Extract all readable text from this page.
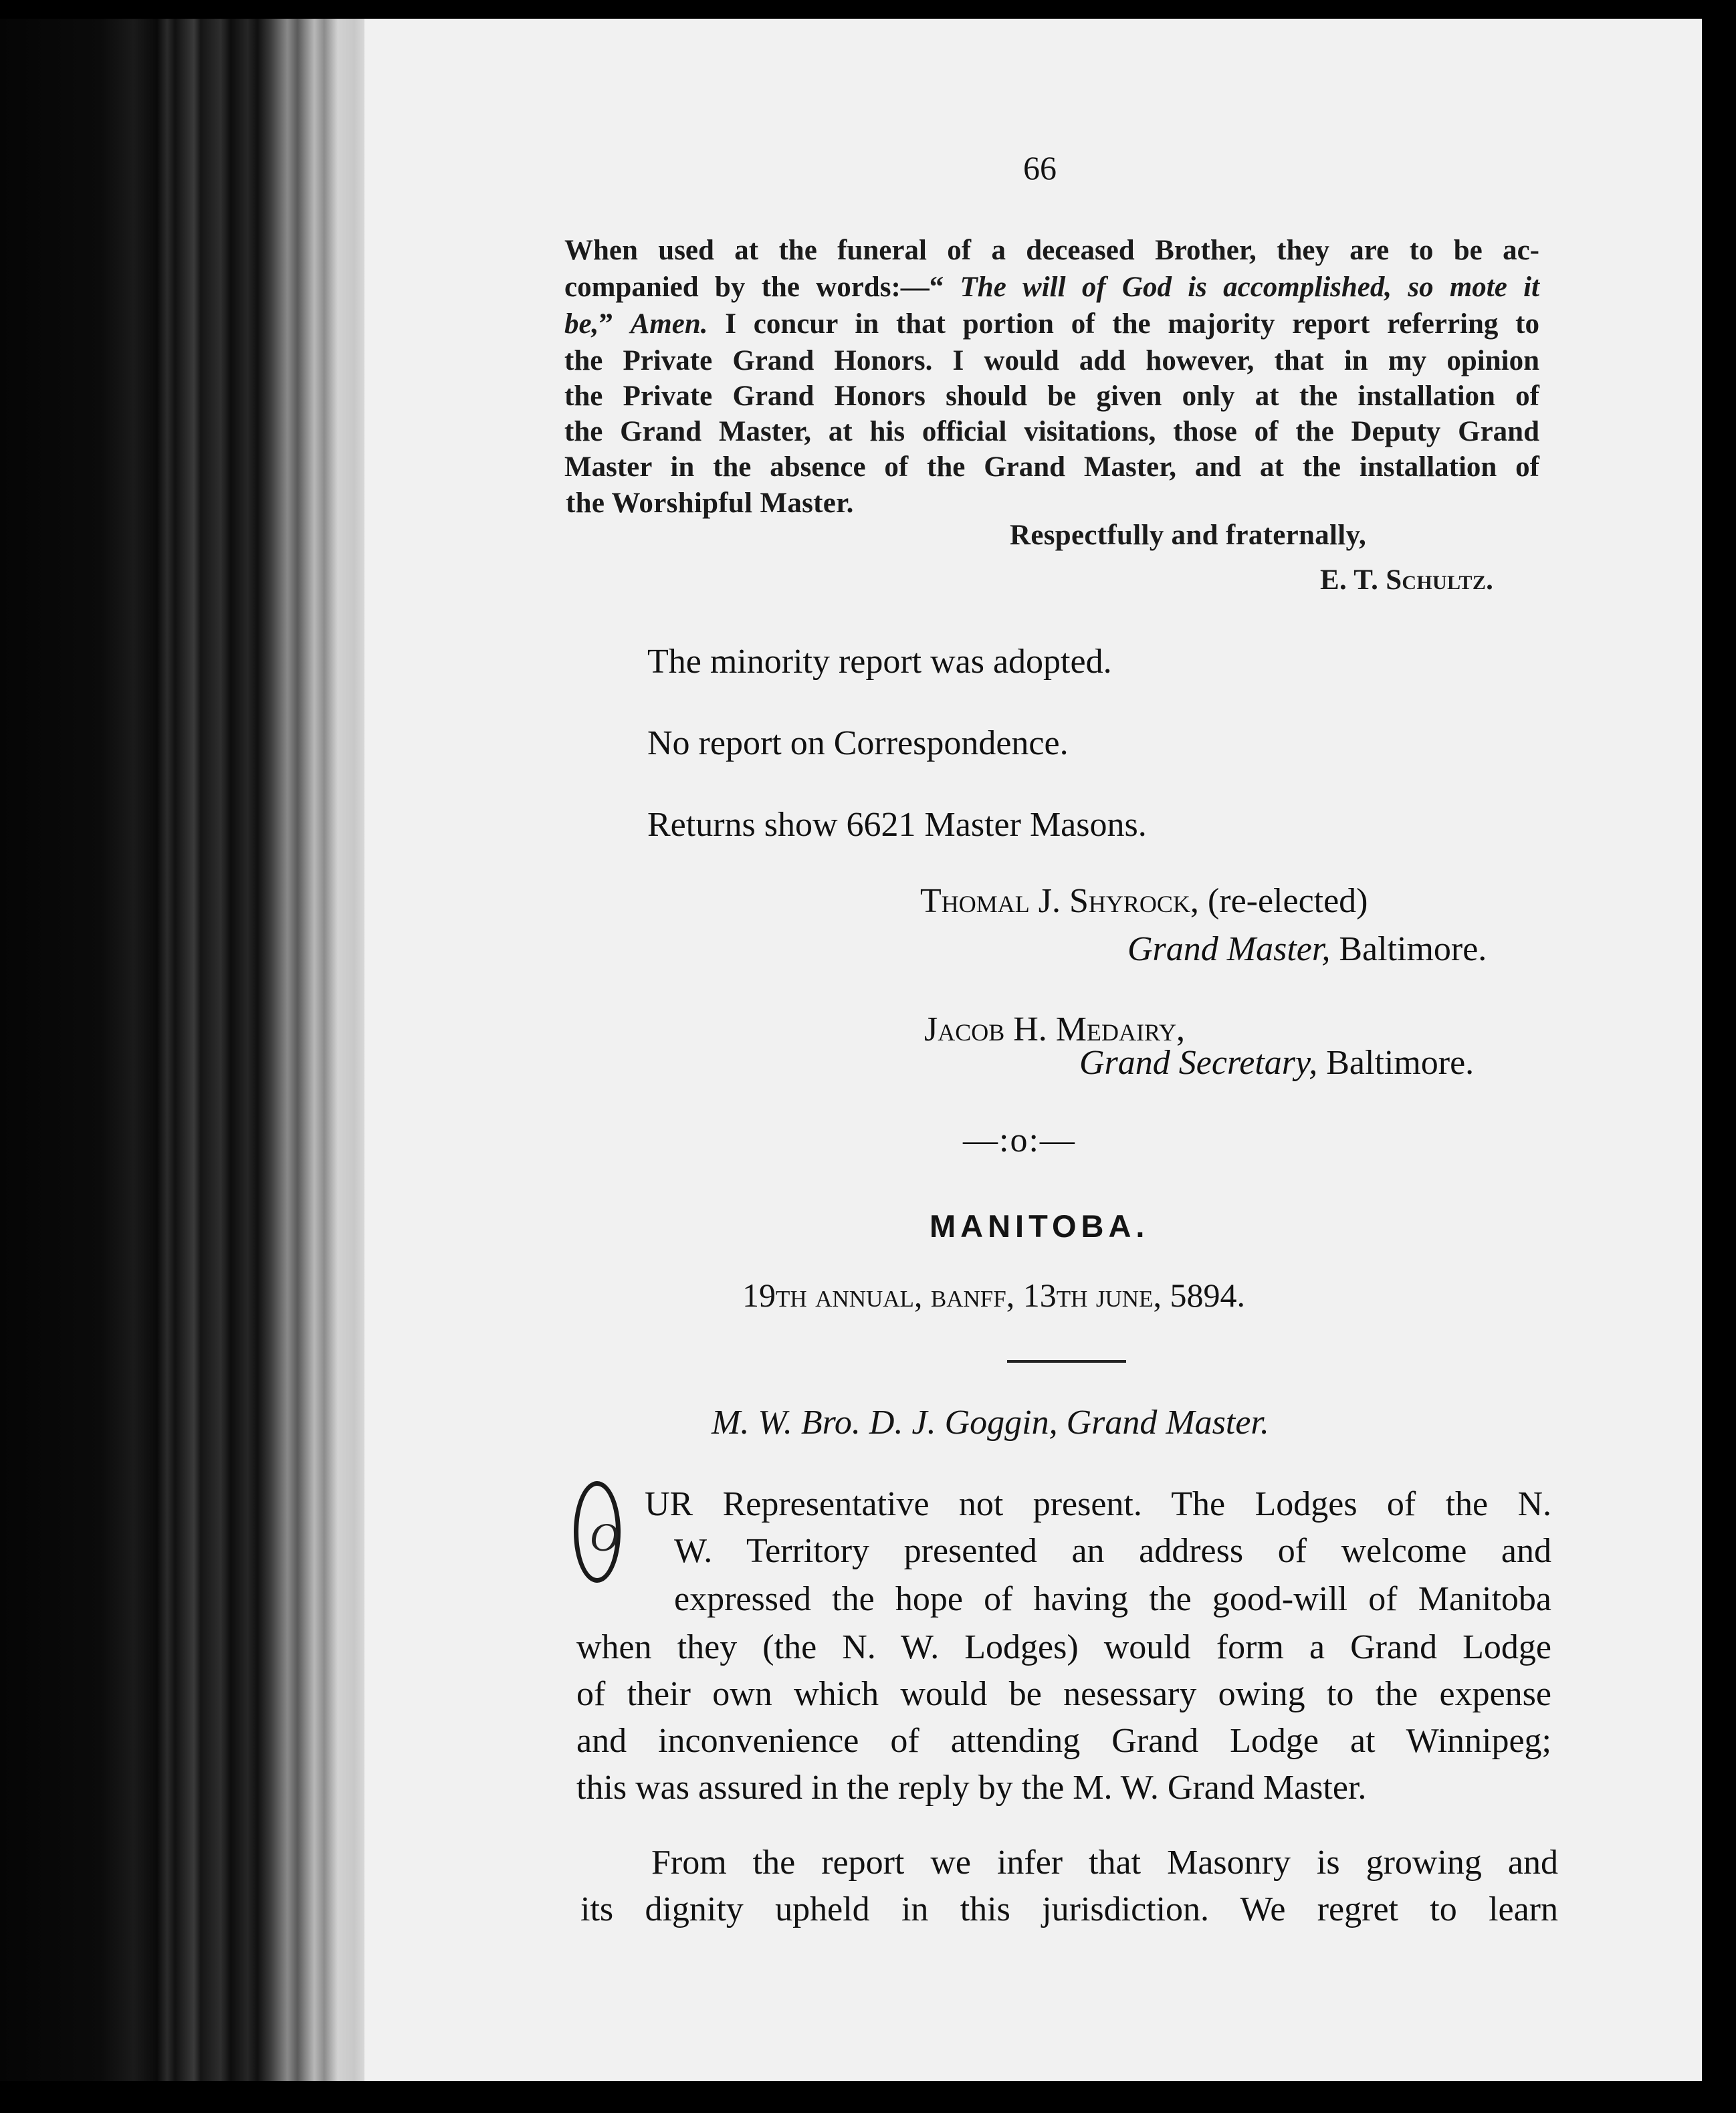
66
When used at the funeral of a deceased Brother, they are to be ac-
companied by the words:—“ The will of God is accomplished, so mote it
be,” Amen. I concur in that portion of the majority report referring to
the Private Grand Honors. I would add however, that in my opinion
the Private Grand Honors should be given only at the installation of
the Grand Master, at his official visitations, those of the Deputy Grand
Master in the absence of the Grand Master, and at the installation of
the Worshipful Master.
Respectfully and fraternally,
E. T. Schultz.
The minority report was adopted.
No report on Correspondence.
Returns show 6621 Master Masons.
Thomal J. Shyrock, (re-elected)
Grand Master, Baltimore.
Jacob H. Medairy,
Grand Secretary, Baltimore.
—:o:—
MANITOBA.
19th annual, banff, 13th june, 5894.
M. W. Bro. D. J. Goggin, Grand Master.
O
UR Representative not present. The Lodges of the N.
W. Territory presented an address of welcome and
expressed the hope of having the good-will of Manitoba
when they (the N. W. Lodges) would form a Grand Lodge
of their own which would be nesessary owing to the expense
and inconvenience of attending Grand Lodge at Winnipeg;
this was assured in the reply by the M. W. Grand Master.
From the report we infer that Masonry is growing and
its dignity upheld in this jurisdiction. We regret to learn
